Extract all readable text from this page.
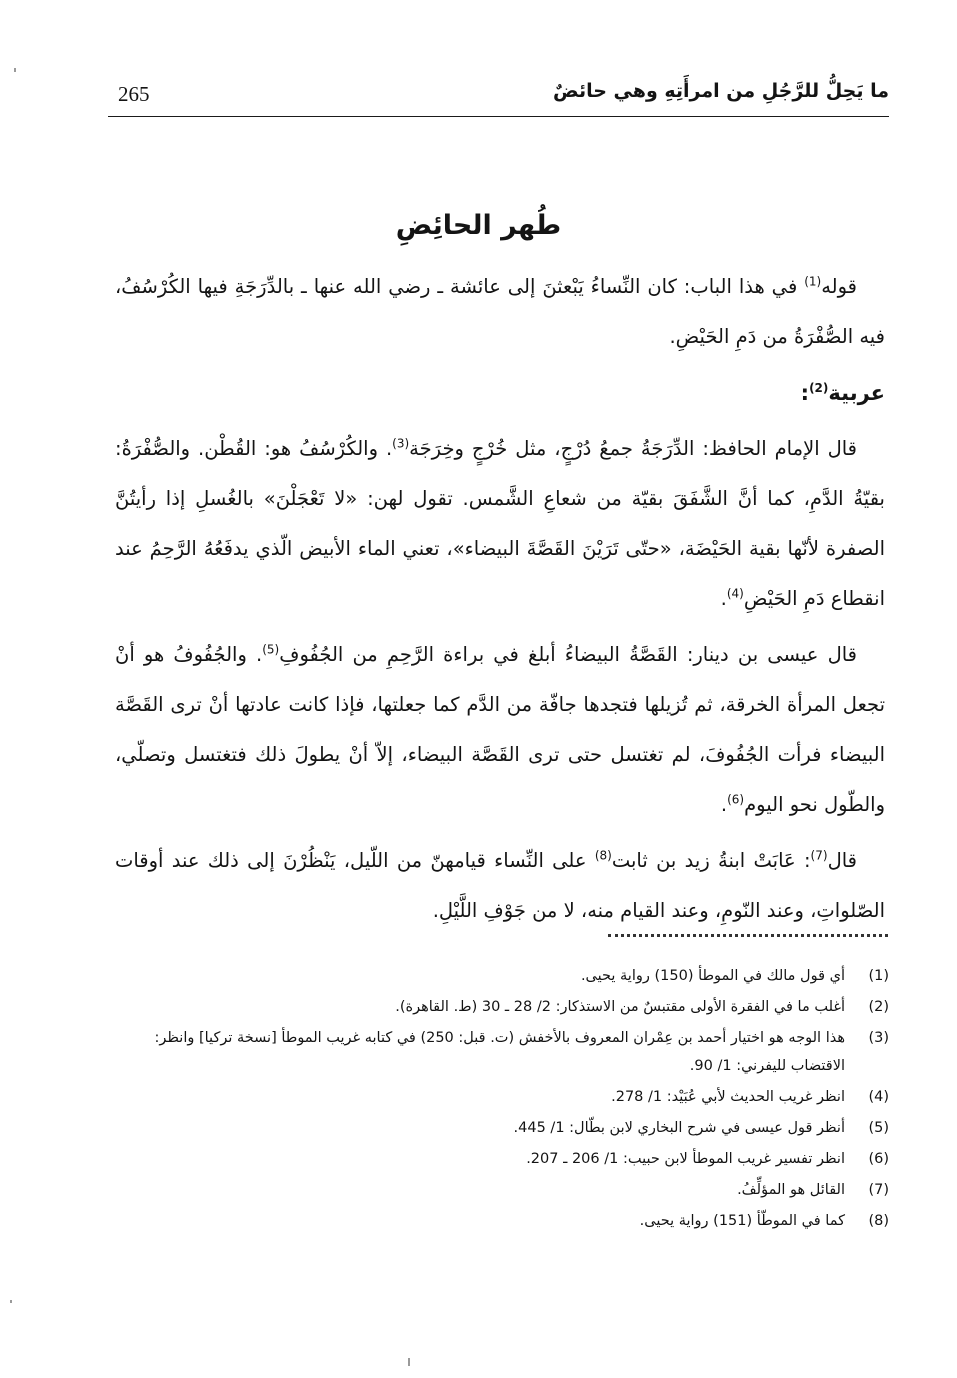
265	ما يَحِلُّ للرَّجُلِ من امرأَتِهِ وهي حائضٌ
طُهر الحائِضِ

قوله$^{(1)}$ في هذا الباب: كان النِّساءُ يَبْعثنَ إلى عائشة ـ رضي الله عنها ـ بالدِّرَجَةِ فيها الكُرْسُفُ، فيه الصُّفْرَةُ من دَمِ الحَيْضِ.

عربية$^{(2)}$:

قال الإمام الحافظ: الدِّرَجَةُ جمعُ دُرْجٍ، مثل خُرْجٍ وخِرَجَة$^{(3)}$. والكُرْسُفُ هو: القُطْن. والصُّفْرَةُ: بقيّةُ الدَّمِ، كما أنَّ الشَّفَقَ بقيّة من شعاعِ الشَّمس. تقول لهن: «لا تَعْجَلْنَ» بالغُسلِ إذا رأيتُنَّ الصفرة لأنّها بقية الحَيْضَة، «حتّى تَرَيْنَ القَصَّةَ البيضاء»، تعني الماء الأبيض الّذي يدفَعُهُ الرَّحِمُ عند انقطاع دَمِ الحَيْضِ$^{(4)}$.

قال عيسى بن دينار: القَصَّةُ البيضاءُ أبلغ في براءة الرَّحِمِ من الجُفُوفِ$^{(5)}$. والجُفُوفُ هو أنْ تجعل المرأة الخرقة، ثم تُزيلها فتجدها جافّة من الدَّم كما جعلتها، فإذا كانت عادتها أنْ ترى القَصَّة البيضاء فرأت الجُفُوفَ، لم تغتسل حتى ترى القَصَّة البيضاء، إلاّ أنْ يطولَ ذلك فتغتسل وتصلّي، والطّول نحو اليوم$^{(6)}$.

قال$^{(7)}$: عَابَتْ ابنةُ زيد بن ثابت$^{(8)}$ على النِّساء قيامهنّ من اللّيل، يَنْظُرْنَ إلى ذلك عند أوقات الصّلواتِ، وعند النّومِ، وعند القيام منه، لا من جَوْفِ اللَّيْلِ.

(1)
أي قول مالك في الموطأ (150) رواية يحيى.
(2)
أغلب ما في الفقرة الأولى مقتبسٌ من الاستذكار: 2/ 28 ـ 30 (ط. القاهرة).
(3)
هذا الوجه هو اختيار أحمد بن عِمْران المعروف بالأخفش (ت. قبل: 250) في كتابه غريب الموطأ [نسخة تركيا] وانظر: الاقتضاب لليفرني: 1/ 90.
(4)
انظر غريب الحديث لأبي عُبَيْد: 1/ 278.
(5)
أنظر قول عيسى في شرح البخاري لابن بطّال: 1/ 445.
(6)
انظر تفسير غريب الموطأ لابن حبيب: 1/ 206 ـ 207.
(7)
القائل هو المؤلِّفُ.
(8)
كما في الموطّأ (151) رواية يحيى.
